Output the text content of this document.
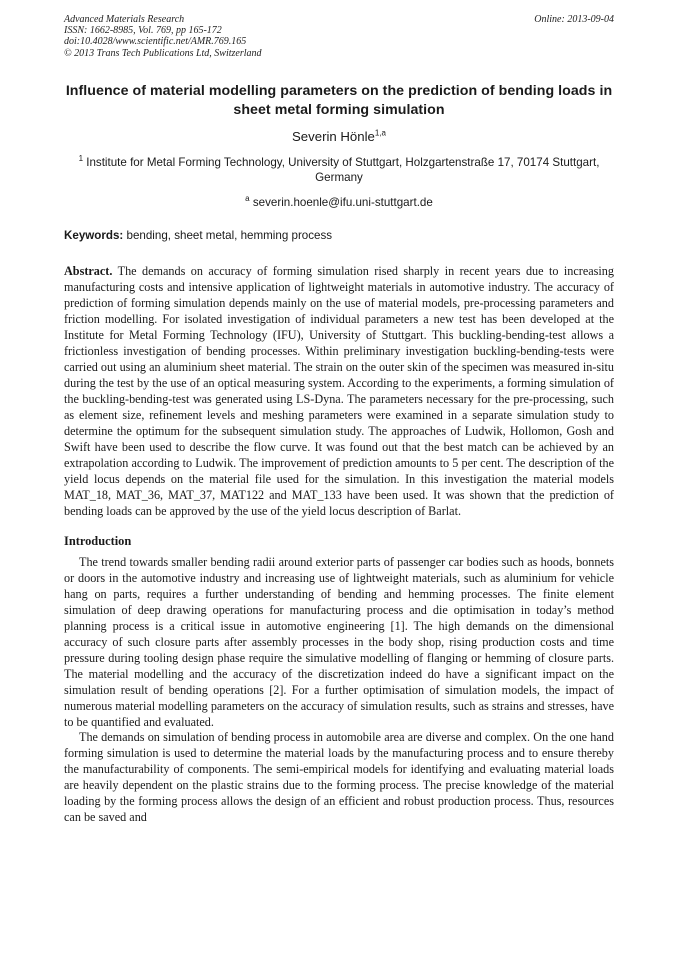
Advanced Materials Research
ISSN: 1662-8985, Vol. 769, pp 165-172
doi:10.4028/www.scientific.net/AMR.769.165
© 2013 Trans Tech Publications Ltd, Switzerland
Online: 2013-09-04
Influence of material modelling parameters on the prediction of bending loads in sheet metal forming simulation
Severin Hönle$^{1,a}$
$^1$ Institute for Metal Forming Technology, University of Stuttgart, Holzgartenstraße 17, 70174 Stuttgart, Germany
$^a$ severin.hoenle@ifu.uni-stuttgart.de
Keywords: bending, sheet metal, hemming process
Abstract. The demands on accuracy of forming simulation rised sharply in recent years due to increasing manufacturing costs and intensive application of lightweight materials in automotive industry. The accuracy of prediction of forming simulation depends mainly on the use of material models, pre-processing parameters and friction modelling. For isolated investigation of individual parameters a new test has been developed at the Institute for Metal Forming Technology (IFU), University of Stuttgart. This buckling-bending-test allows a frictionless investigation of bending processes. Within preliminary investigation buckling-bending-tests were carried out using an aluminium sheet material. The strain on the outer skin of the specimen was measured in-situ during the test by the use of an optical measuring system. According to the experiments, a forming simulation of the buckling-bending-test was generated using LS-Dyna. The parameters necessary for the pre-processing, such as element size, refinement levels and meshing parameters were examined in a separate simulation study to determine the optimum for the subsequent simulation study. The approaches of Ludwik, Hollomon, Gosh and Swift have been used to describe the flow curve. It was found out that the best match can be achieved by an extrapolation according to Ludwik. The improvement of prediction amounts to 5 per cent. The description of the yield locus depends on the material file used for the simulation. In this investigation the material models MAT_18, MAT_36, MAT_37, MAT122 and MAT_133 have been used. It was shown that the prediction of bending loads can be approved by the use of the yield locus description of Barlat.
Introduction

The trend towards smaller bending radii around exterior parts of passenger car bodies such as hoods, bonnets or doors in the automotive industry and increasing use of lightweight materials, such as aluminium for vehicle hang on parts, requires a further understanding of bending and hemming processes. The finite element simulation of deep drawing operations for manufacturing process and die optimisation in today’s method planning process is a critical issue in automotive engineering [1]. The high demands on the dimensional accuracy of such closure parts after assembly processes in the body shop, rising production costs and time pressure during tooling design phase require the simulative modelling of flanging or hemming of closure parts. The material modelling and the accuracy of the discretization indeed do have a significant impact on the simulation result of bending operations [2]. For a further optimisation of simulation models, the impact of numerous material modelling parameters on the accuracy of simulation results, such as strains and stresses, have to be quantified and evaluated.

The demands on simulation of bending process in automobile area are diverse and complex. On the one hand forming simulation is used to determine the material loads by the manufacturing process and to ensure thereby the manufacturability of components. The semi-empirical models for identifying and evaluating material loads are heavily dependent on the plastic strains due to the forming process. The precise knowledge of the material loading by the forming process allows the design of an efficient and robust production process. Thus, resources can be saved and
